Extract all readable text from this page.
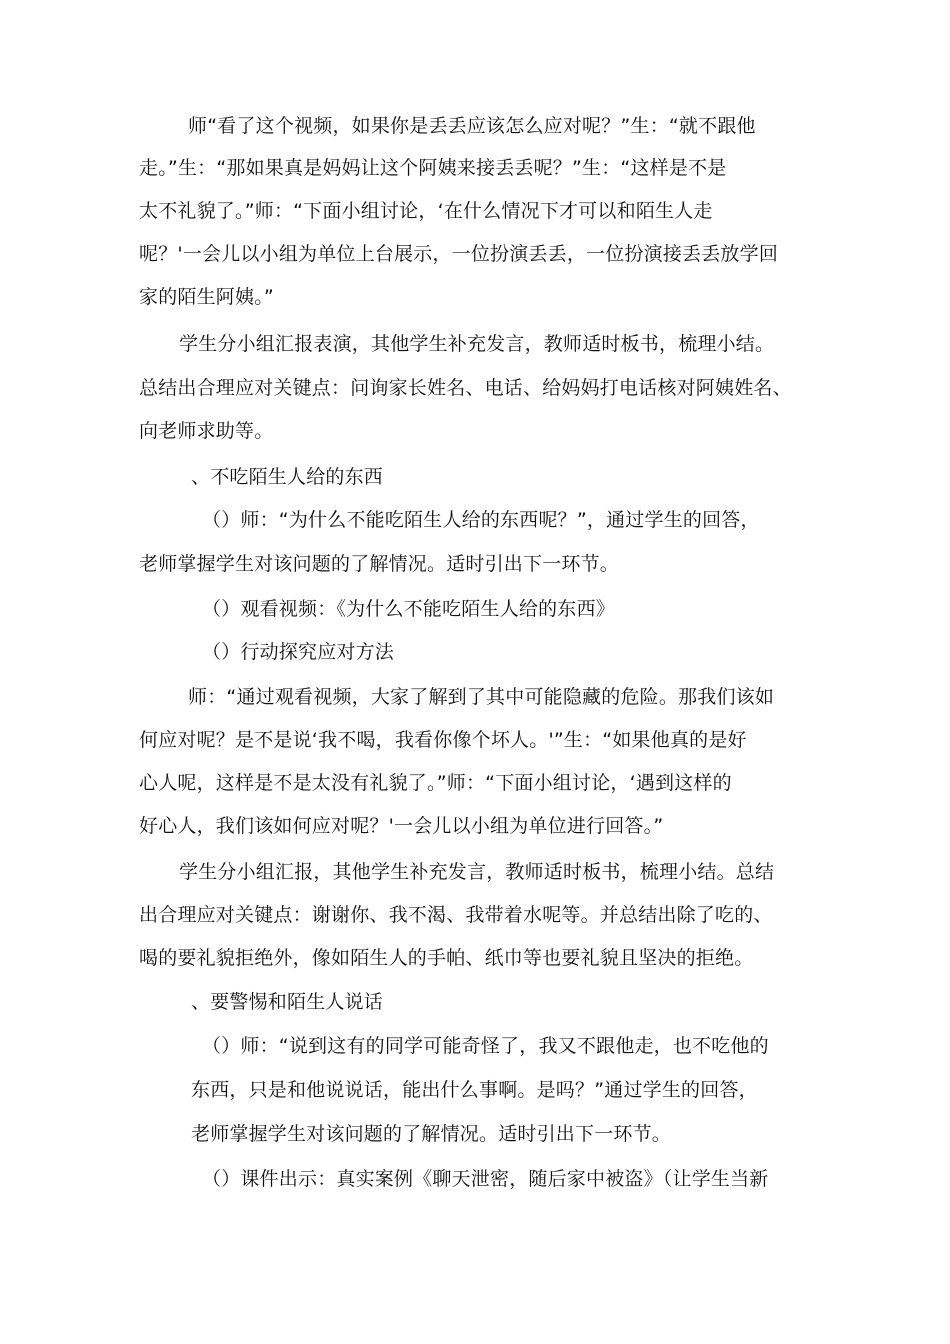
师“看了这个视频，如果你是丢丢应该怎么应对呢？”生：“就不跟他
走。”生：“那如果真是妈妈让这个阿姨来接丢丢呢？”生：“这样是不是
太不礼貌了。”师：“下面小组讨论，‘在什么情况下才可以和陌生人走
呢？'一会儿以小组为单位上台展示，一位扮演丢丢，一位扮演接丢丢放学回
家的陌生阿姨。”
学生分小组汇报表演，其他学生补充发言，教师适时板书，梳理小结。
总结出合理应对关键点：问询家长姓名、电话、给妈妈打电话核对阿姨姓名、
向老师求助等。
、不吃陌生人给的东西
（）师：“为什么不能吃陌生人给的东西呢？”，通过学生的回答，
老师掌握学生对该问题的了解情况。适时引出下一环节。
（）观看视频：《为什么不能吃陌生人给的东西》
（）行动探究应对方法
师：“通过观看视频，大家了解到了其中可能隐藏的危险。那我们该如
何应对呢？是不是说‘我不喝，我看你像个坏人。'”生：“如果他真的是好
心人呢，这样是不是太没有礼貌了。”师：“下面小组讨论，‘遇到这样的
好心人，我们该如何应对呢？'一会儿以小组为单位进行回答。”
学生分小组汇报，其他学生补充发言，教师适时板书，梳理小结。总结
出合理应对关键点：谢谢你、我不渴、我带着水呢等。并总结出除了吃的、
喝的要礼貌拒绝外，像如陌生人的手帕、纸巾等也要礼貌且坚决的拒绝。
、要警惕和陌生人说话
（）师：“说到这有的同学可能奇怪了，我又不跟他走，也不吃他的
东西，只是和他说说话，能出什么事啊。是吗？”通过学生的回答，
老师掌握学生对该问题的了解情况。适时引出下一环节。
（）课件出示：真实案例《聊天泄密，随后家中被盗》（让学生当新
